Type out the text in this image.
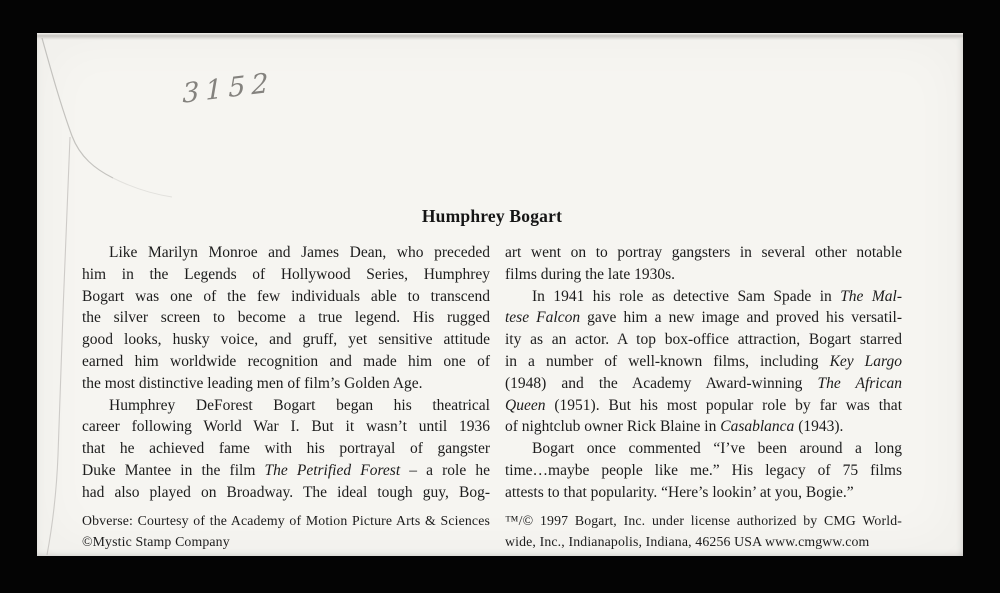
3152
Humphrey Bogart
Like Marilyn Monroe and James Dean, who preceded
him in the Legends of Hollywood Series, Humphrey
Bogart was one of the few individuals able to transcend
the silver screen to become a true legend. His rugged
good looks, husky voice, and gruff, yet sensitive attitude
earned him worldwide recognition and made him one of
the most distinctive leading men of film’s Golden Age.
Humphrey DeForest Bogart began his theatrical
career following World War I. But it wasn’t until 1936
that he achieved fame with his portrayal of gangster
Duke Mantee in the film The Petrified Forest – a role he
had also played on Broadway. The ideal tough guy, Bog-
Obverse: Courtesy of the Academy of Motion Picture Arts & Sciences
©Mystic Stamp Company
art went on to portray gangsters in several other notable
films during the late 1930s.
In 1941 his role as detective Sam Spade in The Mal-
tese Falcon gave him a new image and proved his versatil-
ity as an actor. A top box-office attraction, Bogart starred
in a number of well-known films, including Key Largo
(1948) and the Academy Award-winning The African
Queen (1951). But his most popular role by far was that
of nightclub owner Rick Blaine in Casablanca (1943).
Bogart once commented “I’ve been around a long
time…maybe people like me.” His legacy of 75 films
attests to that popularity. “Here’s lookin’ at you, Bogie.”
™/© 1997 Bogart, Inc. under license authorized by CMG World-
wide, Inc., Indianapolis, Indiana, 46256 USA www.cmgww.com
